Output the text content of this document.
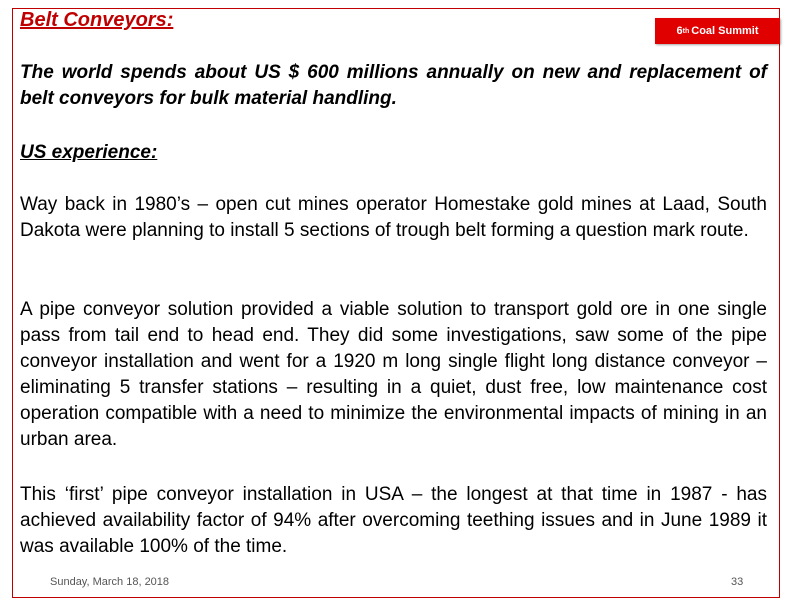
Belt Conveyors:	6 th Coal Summit
The world spends about US $ 600 millions annually on new and replacement of belt conveyors for bulk material handling.
US experience:
Way back in 1980’s – open cut mines operator Homestake gold mines at Laad, South Dakota were planning to install 5 sections of trough belt forming a question mark route.
A pipe conveyor solution provided a viable solution to transport gold ore in one single pass from tail end to head end. They did some investigations, saw some of the pipe conveyor installation and went for a 1920 m long single flight long distance conveyor – eliminating 5 transfer stations – resulting in a quiet, dust free, low maintenance cost operation compatible with a need to minimize the environmental impacts of mining in an urban area.
This ‘first’ pipe conveyor installation in USA – the longest at that time in 1987 - has achieved availability factor of 94% after overcoming teething issues and in June 1989 it was available 100% of the time.
Sunday, March 18, 2018	33
